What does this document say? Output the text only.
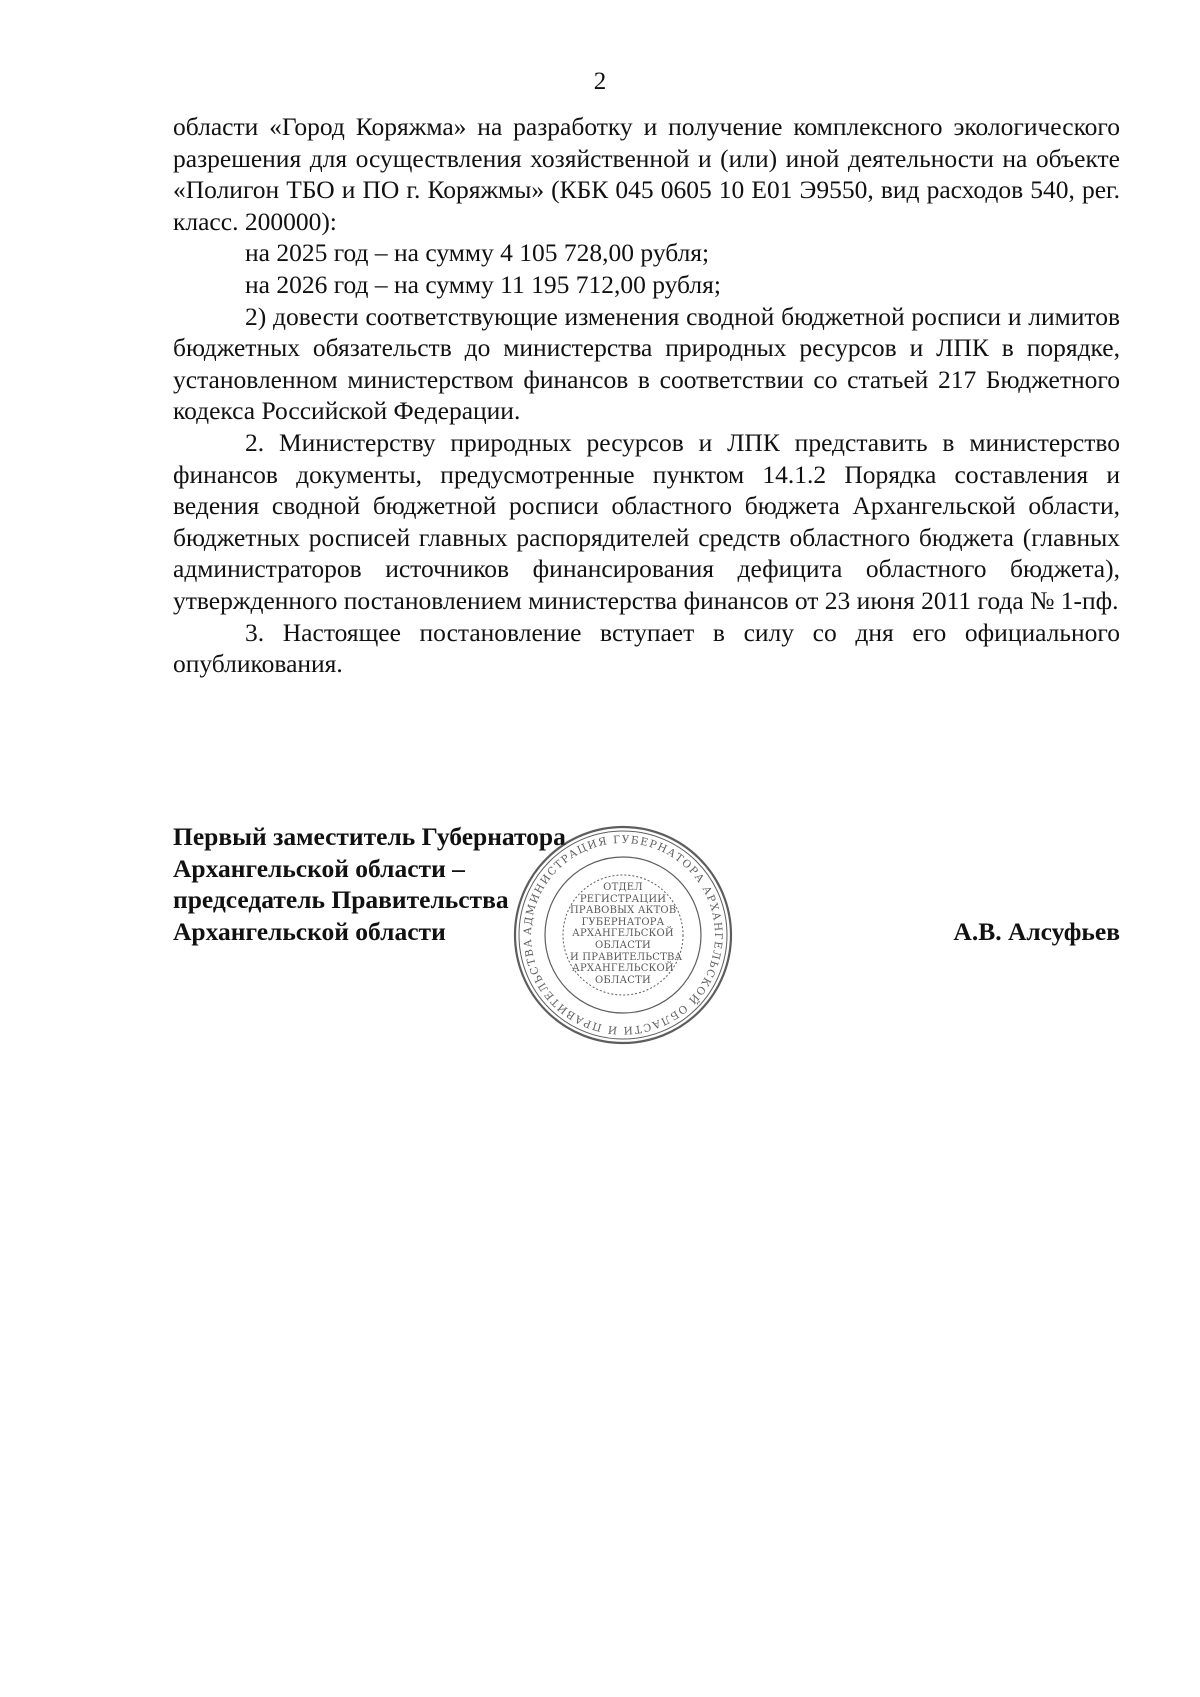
2

области «Город Коряжма» на разработку и получение комплексного экологического разрешения для осуществления хозяйственной и (или) иной деятельности на объекте «Полигон ТБО и ПО г. Коряжмы» (КБК 045 0605 10 Е01 Э9550, вид расходов 540, рег. класс. 200000):

на 2025 год – на сумму 4 105 728,00 рубля;

на 2026 год – на сумму 11 195 712,00 рубля;

2) довести соответствующие изменения сводной бюджетной росписи и лимитов бюджетных обязательств до министерства природных ресурсов и ЛПК в порядке, установленном министерством финансов в соответствии со статьей 217 Бюджетного кодекса Российской Федерации.

2. Министерству природных ресурсов и ЛПК представить в министерство финансов документы, предусмотренные пунктом 14.1.2 Порядка составления и ведения сводной бюджетной росписи областного бюджета Архангельской области, бюджетных росписей главных распорядителей средств областного бюджета (главных администраторов источников финансирования дефицита областного бюджета), утвержденного постановлением министерства финансов от 23 июня 2011 года № 1-пф.

3. Настоящее постановление вступает в силу со дня его официального опубликования.

Первый заместитель Губернатора
Архангельской области –
председатель Правительства
Архангельской области	А.В. Алсуфьев
АДМИНИСТРАЦИЯ ГУБЕРНАТОРА АРХАНГЕЛЬСКОЙ ОБЛАСТИ И ПРАВИТЕЛЬСТВА
ОТДЕЛ
РЕГИСТРАЦИИ
ПРАВОВЫХ АКТОВ
ГУБЕРНАТОРА
АРХАНГЕЛЬСКОЙ
ОБЛАСТИ
И ПРАВИТЕЛЬСТВА
АРХАНГЕЛЬСКОЙ
ОБЛАСТИ
